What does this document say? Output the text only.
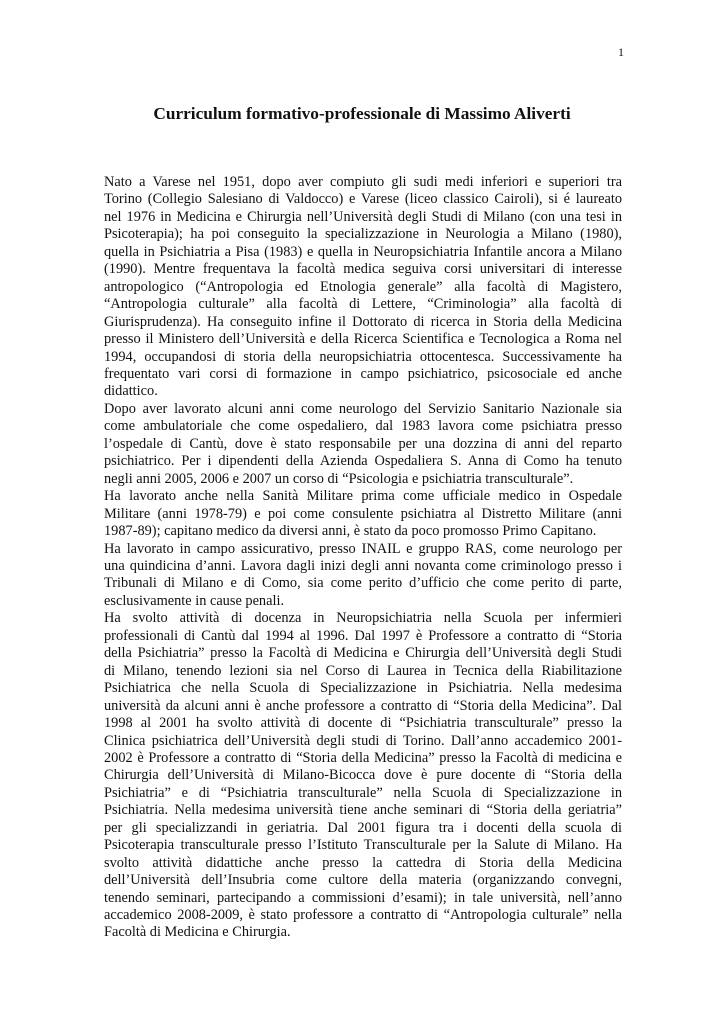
1
Curriculum formativo-professionale di Massimo Aliverti

Nato a Varese nel 1951, dopo aver compiuto gli sudi medi inferiori e superiori tra
Torino (Collegio Salesiano di Valdocco) e Varese (liceo classico Cairoli), si é laureato
nel 1976 in Medicina e Chirurgia nell’Università degli Studi di Milano (con una tesi in
Psicoterapia); ha poi conseguito la specializzazione in Neurologia a Milano (1980),
quella in Psichiatria a Pisa (1983) e quella in Neuropsichiatria Infantile ancora a Milano
(1990). Mentre frequentava la facoltà medica seguiva corsi universitari di interesse
antropologico (“Antropologia ed Etnologia generale” alla facoltà di Magistero,
“Antropologia culturale” alla facoltà di Lettere, “Criminologia” alla facoltà di
Giurisprudenza). Ha conseguito infine il Dottorato di ricerca in Storia della Medicina
presso il Ministero dell’Università e della Ricerca Scientifica e Tecnologica a Roma nel
1994, occupandosi di storia della neuropsichiatria ottocentesca. Successivamente ha
frequentato vari corsi di formazione in campo psichiatrico, psicosociale ed anche
didattico.

Dopo aver lavorato alcuni anni come neurologo del Servizio Sanitario Nazionale sia
come ambulatoriale che come ospedaliero, dal 1983 lavora come psichiatra presso
l’ospedale di Cantù, dove è stato responsabile per una dozzina di anni del reparto
psichiatrico. Per i dipendenti della Azienda Ospedaliera S. Anna di Como ha tenuto
negli anni 2005, 2006 e 2007 un corso di “Psicologia e psichiatria transculturale”.

Ha lavorato anche nella Sanità Militare prima come ufficiale medico in Ospedale
Militare (anni 1978-79) e poi come consulente psichiatra al Distretto Militare (anni
1987-89); capitano medico da diversi anni, è stato da poco promosso Primo Capitano.

Ha lavorato in campo assicurativo, presso INAIL e gruppo RAS, come neurologo per
una quindicina d’anni. Lavora dagli inizi degli anni novanta come criminologo presso i
Tribunali di Milano e di Como, sia come perito d’ufficio che come perito di parte,
esclusivamente in cause penali.

Ha svolto attività di docenza in Neuropsichiatria nella Scuola per infermieri
professionali di Cantù dal 1994 al 1996. Dal 1997 è Professore a contratto di “Storia
della Psichiatria” presso la Facoltà di Medicina e Chirurgia dell’Università degli Studi
di Milano, tenendo lezioni sia nel Corso di Laurea in Tecnica della Riabilitazione
Psichiatrica che nella Scuola di Specializzazione in Psichiatria. Nella medesima
università da alcuni anni è anche professore a contratto di “Storia della Medicina”. Dal
1998 al 2001 ha svolto attività di docente di “Psichiatria transculturale” presso la
Clinica psichiatrica dell’Università degli studi di Torino. Dall’anno accademico 2001-
2002 è Professore a contratto di “Storia della Medicina” presso la Facoltà di medicina e
Chirurgia dell’Università di Milano-Bicocca dove è pure docente di “Storia della
Psichiatria” e di “Psichiatria transculturale” nella Scuola di Specializzazione in
Psichiatria. Nella medesima università tiene anche seminari di “Storia della geriatria”
per gli specializzandi in geriatria. Dal 2001 figura tra i docenti della scuola di
Psicoterapia transculturale presso l’Istituto Transculturale per la Salute di Milano. Ha
svolto attività didattiche anche presso la cattedra di Storia della Medicina
dell’Università dell’Insubria come cultore della materia (organizzando convegni,
tenendo seminari, partecipando a commissioni d’esami); in tale università, nell’anno
accademico 2008-2009, è stato professore a contratto di “Antropologia culturale” nella
Facoltà di Medicina e Chirurgia.
